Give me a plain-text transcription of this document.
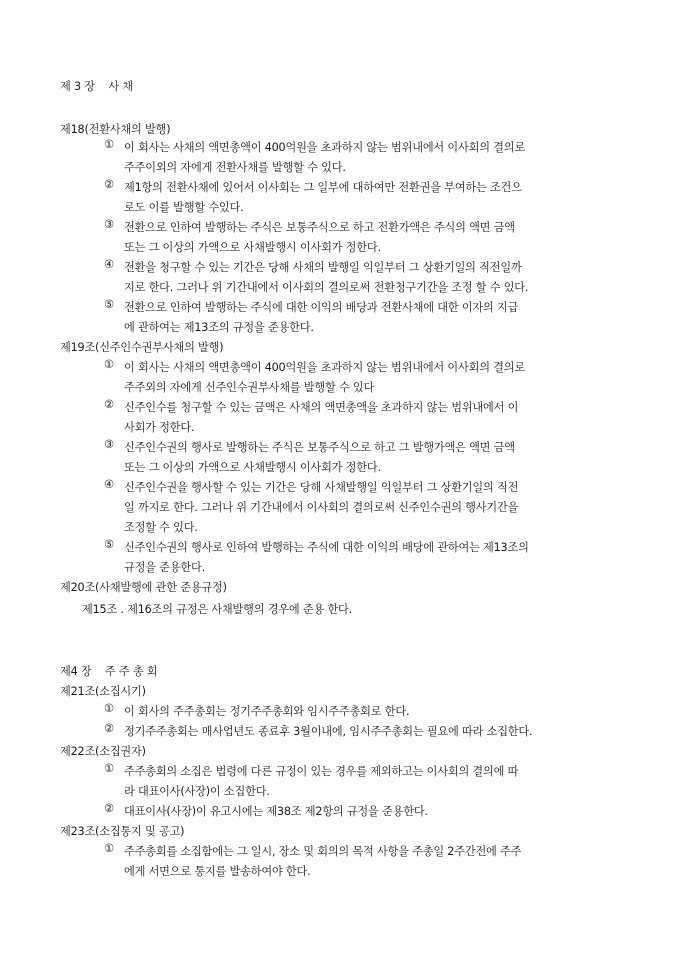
제 3 장    사 채
제18(전환사채의 발행)
① 이 회사는 사채의 액면총액이 400억원을 초과하지 않는 범위내에서 이사회의 결의로
주주이외의 자에게 전환사채를 발행할 수 있다.
② 제1항의 전환사채에 있어서 이사회는 그 일부에 대하여만 전환권을 부여하는 조건으
로도 이를 발행할 수있다.
③ 전환으로 인하여 발행하는 주식은 보통주식으로 하고 전환가액은 주식의 액면 금액
또는 그 이상의 가액으로 사채발행시 이사회가 정한다.
④ 전환을 청구할 수 있는 기간은 당해 사채의 발행일 익일부터 그 상환기일의 직전일까
지로 한다. 그러나 위 기간내에서 이사회의 결의로써 전환청구기간을 조정 할 수 있다.
⑤ 전환으로 인하여 발행하는 주식에 대한 이익의 배당과 전환사채에 대한 이자의 지급
에 관하여는 제13조의 규정을 준용한다.
제19조(신주인수권부사채의 발행)
① 이 회사는 사채의 액면총액이 400억원을 초과하지 않는 범위내에서 이사회의 결의로
주주외의 자에게 신주인수권부사채를 발행할 수 있다
② 신주인수를 청구할 수 있는 금액은 사채의 액면총액을 초과하지 않는 범위내에서 이
사회가 정한다.
③ 신주인수권의 행사로 발행하는 주식은 보통주식으로 하고 그 발행가액은 액면 금액
또는 그 이상의 가액으로 사채발행시 이사회가 정한다.
④ 신주인수권을 행사할 수 있는 기간은 당해 사채발행일 익일부터 그 상환기일의 직전
일 까지로 한다. 그러나 위 기간내에서 이사회의 결의로써 신주인수권의 행사기간을
조정할 수 있다.
⑤ 신주인수권의 행사로 인하여 발행하는 주식에 대한 이익의 배당에 관하여는 제13조의
규정을 준용한다.
제20조(사채발행에 관한 준용규정)
제15조 . 제16조의 규정은 사채발행의 경우에 준용 한다.
제4 장    주 주 총 회
제21조(소집시기)
① 이 회사의 주주총회는 정기주주총회와 임시주주총회로 한다.
② 정기주주총회는 매사업년도 종료후 3월이내에, 임시주주총회는 필요에 따라 소집한다.
제22조(소집권자)
① 주주총회의 소집은 법령에 다른 규정이 있는 경우를 제외하고는 이사회의 결의에 따
라 대표이사(사장)이 소집한다.
② 대표이사(사장)이 유고시에는 제38조 제2항의 규정을 준용한다.
제23조(소집통지 및 공고)
① 주주총회를 소집함에는 그 일시, 장소 및 회의의 목적 사항을 주총일 2주간전에 주주
에게 서면으로 통지를 발송하여야 한다.
